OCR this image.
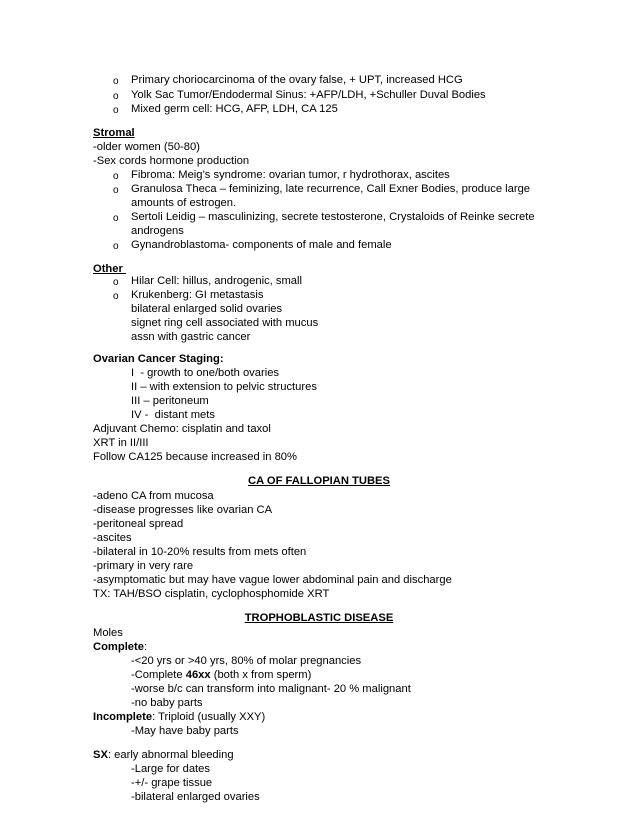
o Primary choriocarcinoma of the ovary false, + UPT, increased HCG
o Yolk Sac Tumor/Endodermal Sinus: +AFP/LDH, +Schuller Duval Bodies
o Mixed germ cell: HCG, AFP, LDH, CA 125
Stromal
-older women (50-80)
-Sex cords hormone production
o Fibroma: Meig’s syndrome: ovarian tumor, r hydrothorax, ascites
o Granulosa Theca – feminizing, late recurrence, Call Exner Bodies, produce large
amounts of estrogen.
o Sertoli Leidig – masculinizing, secrete testosterone, Crystaloids of Reinke secrete
androgens
o Gynandroblastoma- components of male and female
Other
o Hilar Cell: hillus, androgenic, small
o Krukenberg: GI metastasis
bilateral enlarged solid ovaries
signet ring cell associated with mucus
assn with gastric cancer
Ovarian Cancer Staging:
I  - growth to one/both ovaries
II – with extension to pelvic structures
III – peritoneum
IV -  distant mets
Adjuvant Chemo: cisplatin and taxol
XRT in II/III
Follow CA125 because increased in 80%
CA OF FALLOPIAN TUBES
-adeno CA from mucosa
-disease progresses like ovarian CA
-peritoneal spread
-ascites
-bilateral in 10-20% results from mets often
-primary in very rare
-asymptomatic but may have vague lower abdominal pain and discharge
TX: TAH/BSO cisplatin, cyclophosphomide XRT
TROPHOBLASTIC DISEASE
Moles
Complete:
-<20 yrs or >40 yrs, 80% of molar pregnancies
-Complete 46xx (both x from sperm)
-worse b/c can transform into malignant- 20 % malignant
-no baby parts
Incomplete: Triploid (usually XXY)
-May have baby parts
SX: early abnormal bleeding
-Large for dates
-+/- grape tissue
-bilateral enlarged ovaries
